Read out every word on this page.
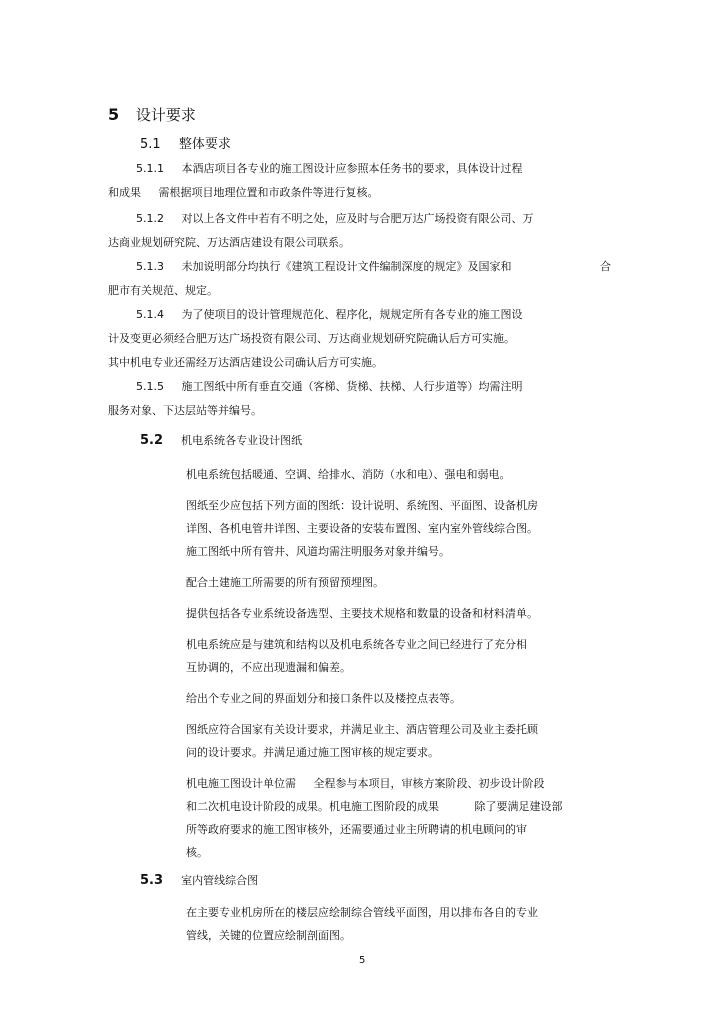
5 设计要求
5.1 整体要求
5.1.1 本酒店项目各专业的施工图设计应参照本任务书的要求，具体设计过程
和成果 需根据项目地理位置和市政条件等进行复核。
5.1.2 对以上各文件中若有不明之处，应及时与合肥万达广场投资有限公司、万
达商业规划研究院、万达酒店建设有限公司联系。
5.1.3 未加说明部分均执行《建筑工程设计文件编制深度的规定》及国家和	合
肥市有关规范、规定。
5.1.4 为了使项目的设计管理规范化、程序化，规规定所有各专业的施工图设
计及变更必须经合肥万达广场投资有限公司、万达商业规划研究院确认后方可实施。
其中机电专业还需经万达酒店建设公司确认后方可实施。
5.1.5 施工图纸中所有垂直交通（客梯、货梯、扶梯、人行步道等）均需注明
服务对象、下达层站等并编号。
5.2 机电系统各专业设计图纸
机电系统包括暖通、空调、给排水、消防（水和电）、强电和弱电。
图纸至少应包括下列方面的图纸：设计说明、系统图、平面图、设备机房
详图、各机电管井详图、主要设备的安装布置图、室内室外管线综合图。
施工图纸中所有管井、风道均需注明服务对象并编号。
配合土建施工所需要的所有预留预埋图。
提供包括各专业系统设备选型、主要技术规格和数量的设备和材料清单。
机电系统应是与建筑和结构以及机电系统各专业之间已经进行了充分相
互协调的，不应出现遗漏和偏差。
给出个专业之间的界面划分和接口条件以及楼控点表等。
图纸应符合国家有关设计要求，并满足业主、酒店管理公司及业主委托顾
问的设计要求。并满足通过施工图审核的规定要求。
机电施工图设计单位需 全程参与本项目，审核方案阶段、初步设计阶段
和二次机电设计阶段的成果。机电施工图阶段的成果	除了要满足建设部
所等政府要求的施工图审核外，还需要通过业主所聘请的机电顾问的审
核。
5.3 室内管线综合图
在主要专业机房所在的楼层应绘制综合管线平面图，用以排布各自的专业
管线，关键的位置应绘制剖面图。
5
